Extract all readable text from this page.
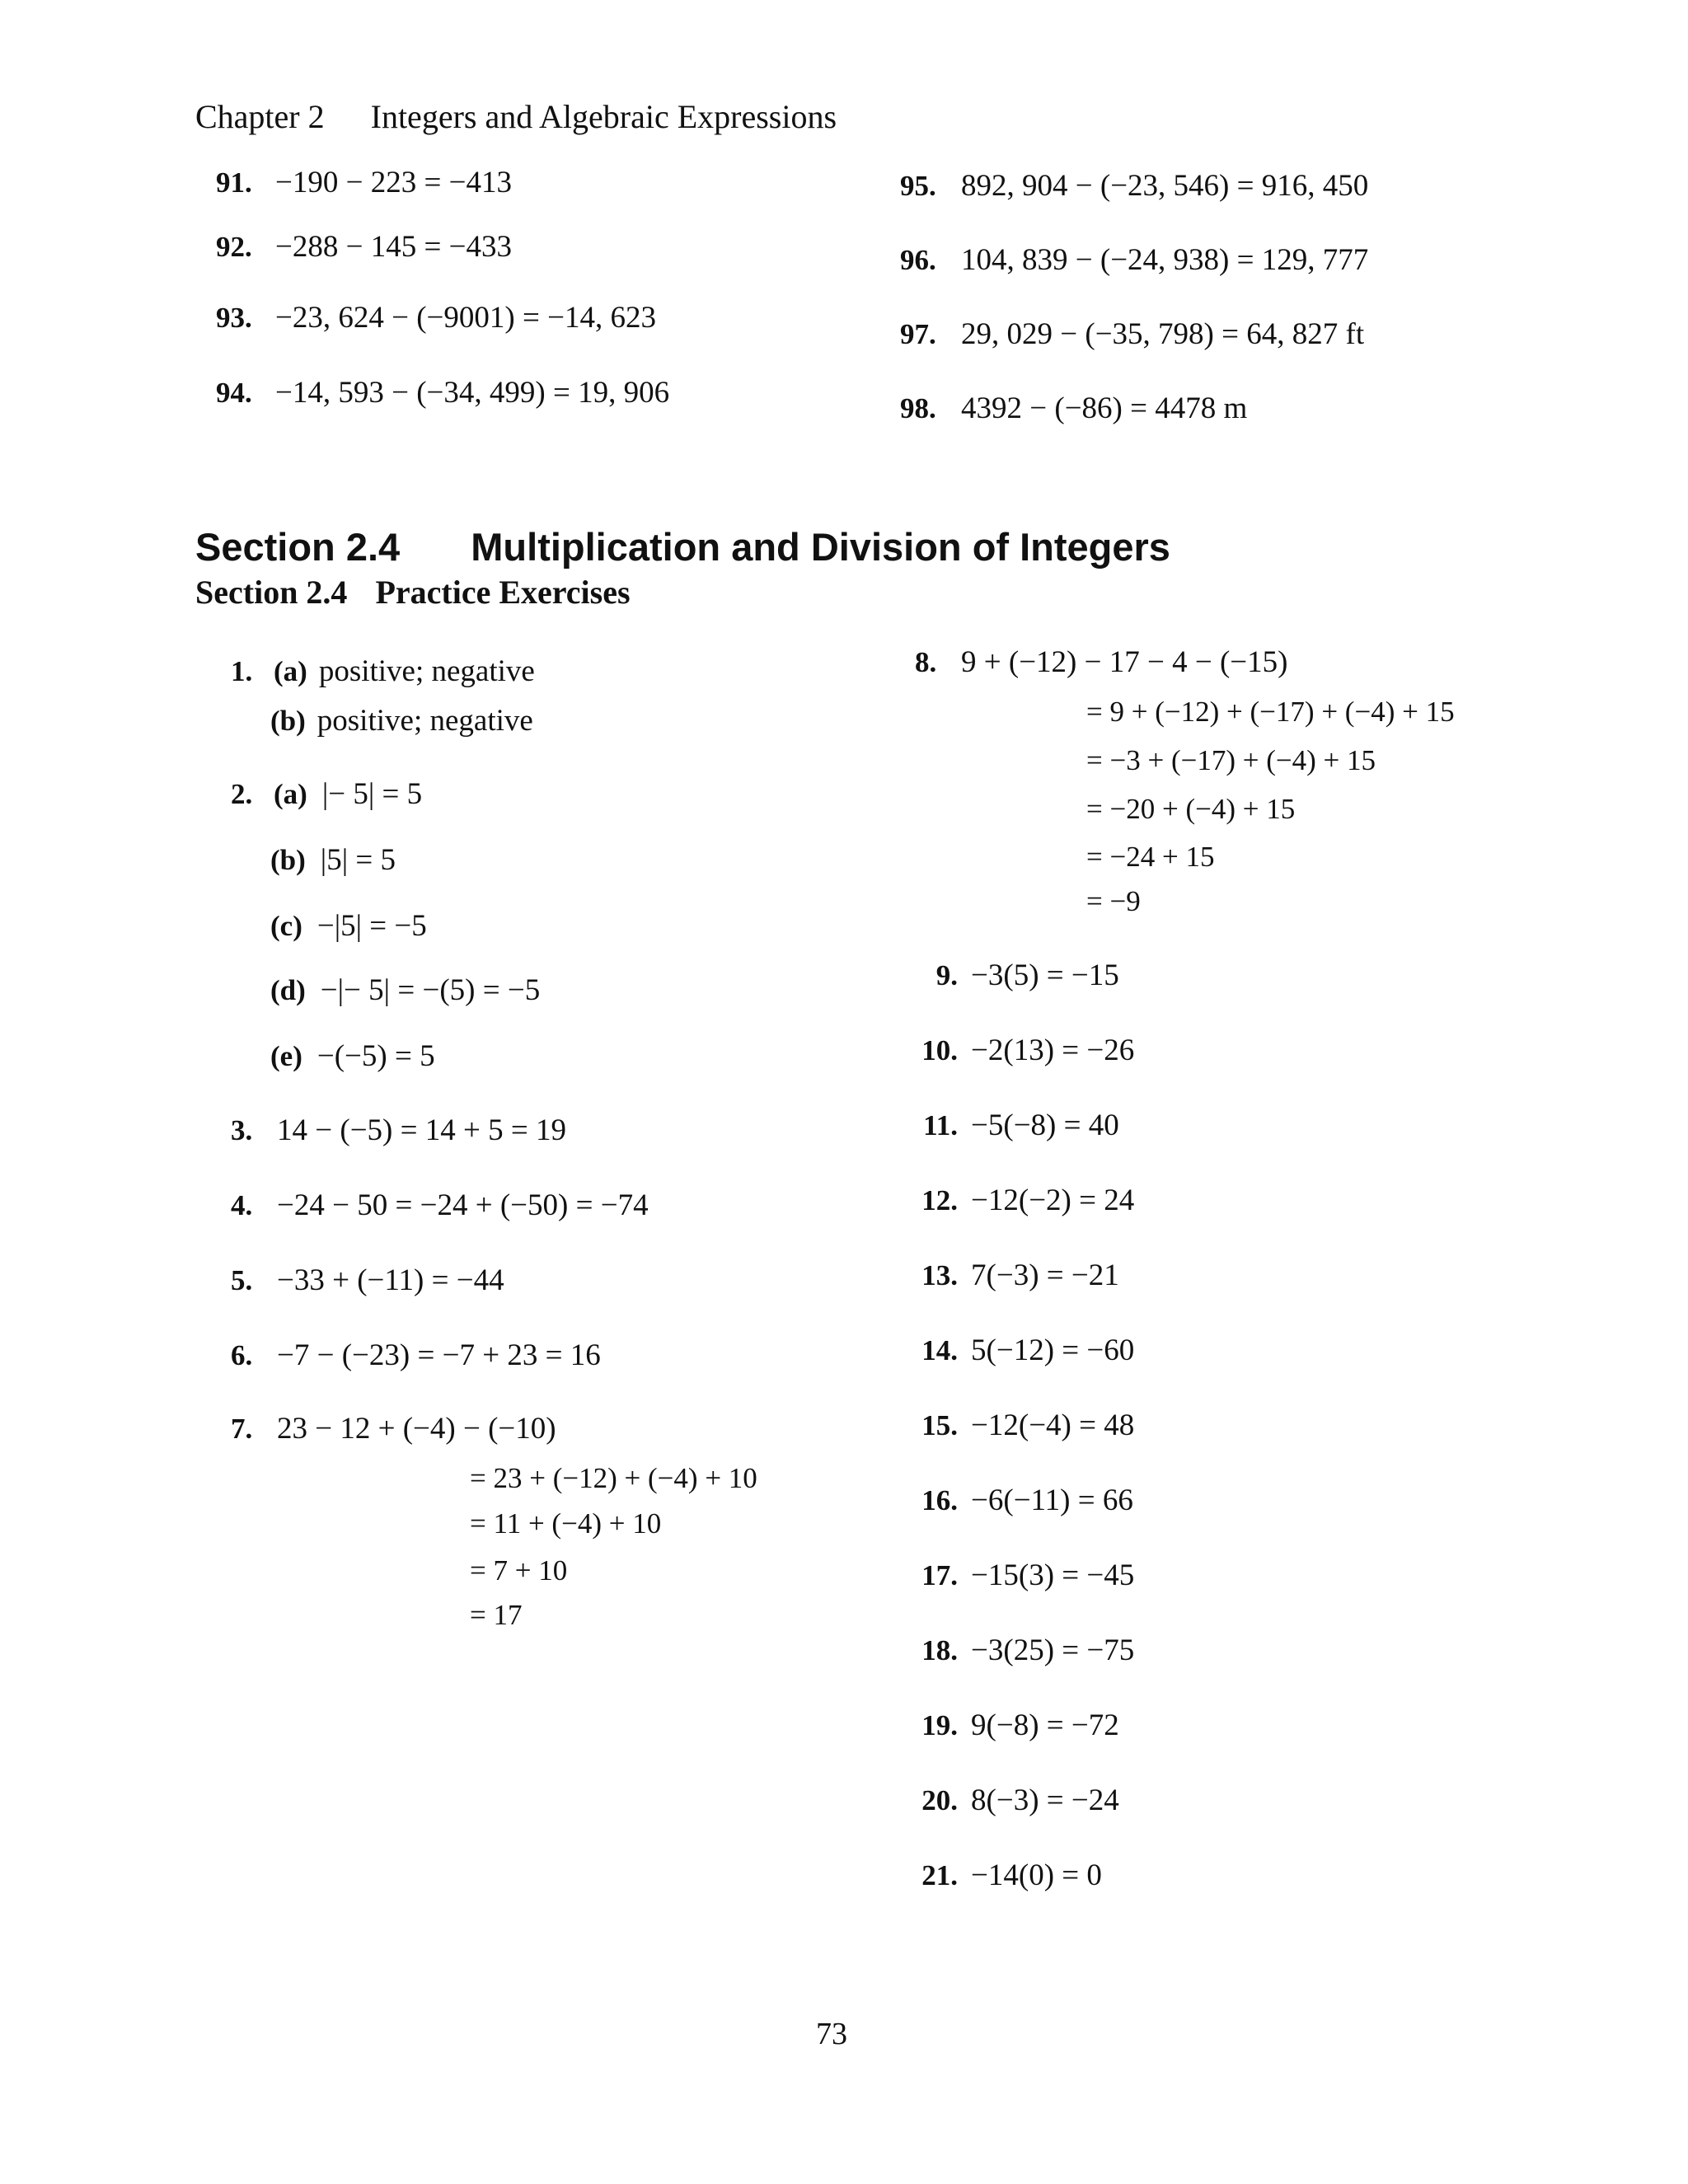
Chapter 2 Integers and Algebraic Expressions
91. −190 − 223 = −413
92. −288 − 145 = −433
93. −23, 624 − (−9001) = −14, 623
94. −14, 593 − (−34, 499) = 19, 906
95. 892, 904 − (−23, 546) = 916, 450
96. 104, 839 − (−24, 938) = 129, 777
97. 29, 029 − (−35, 798) = 64, 827 ft
98. 4392 − (−86) = 4478 m
Section 2.4 Multiplication and Division of Integers
Section 2.4 Practice Exercises
1. (a) positive; negative
(b) positive; negative
2. (a) |− 5| = 5
(b) |5| = 5
(c) −|5| = −5
(d) −|− 5| = −(5) = −5
(e) −(−5) = 5
3. 14 − (−5) = 14 + 5 = 19
4. −24 − 50 = −24 + (−50) = −74
5. −33 + (−11) = −44
6. −7 − (−23) = −7 + 23 = 16
7. 23 − 12 + (−4) − (−10)
= 23 + (−12) + (−4) + 10
= 11 + (−4) + 10
= 7 + 10
= 17
8. 9 + (−12) − 17 − 4 − (−15)
= 9 + (−12) + (−17) + (−4) + 15
= −3 + (−17) + (−4) + 15
= −20 + (−4) + 15
= −24 + 15
= −9
9. −3(5) = −15
10. −2(13) = −26
11. −5(−8) = 40
12. −12(−2) = 24
13. 7(−3) = −21
14. 5(−12) = −60
15. −12(−4) = 48
16. −6(−11) = 66
17. −15(3) = −45
18. −3(25) = −75
19. 9(−8) = −72
20. 8(−3) = −24
21. −14(0) = 0
73
